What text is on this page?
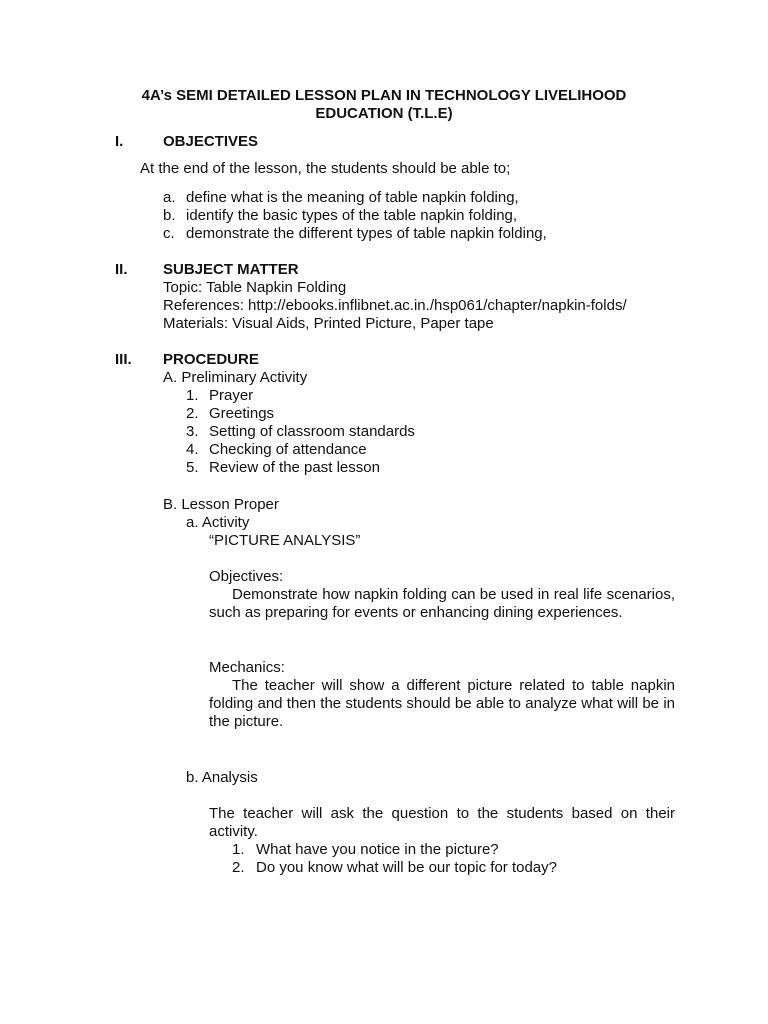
4A’s SEMI DETAILED LESSON PLAN IN TECHNOLOGY LIVELIHOOD
EDUCATION (T.L.E)
I.	OBJECTIVES
At the end of the lesson, the students should be able to;
a. define what is the meaning of table napkin folding,
b. identify the basic types of the table napkin folding,
c. demonstrate the different types of table napkin folding,
II. SUBJECT MATTER
Topic: Table Napkin Folding
References: http://ebooks.inflibnet.ac.in./hsp061/chapter/napkin-folds/
Materials: Visual Aids, Printed Picture, Paper tape
III. PROCEDURE
A. Preliminary Activity
1. Prayer
2. Greetings
3. Setting of classroom standards
4. Checking of attendance
5. Review of the past lesson
B. Lesson Proper
a. Activity
“PICTURE ANALYSIS”
Objectives:
Demonstrate how napkin folding can be used in real life scenarios, such as preparing for events or enhancing dining experiences.
Mechanics:
The teacher will show a different picture related to table napkin folding and then the students should be able to analyze what will be in the picture.
b. Analysis
The teacher will ask the question to the students based on their activity.
1. What have you notice in the picture?
2. Do you know what will be our topic for today?
